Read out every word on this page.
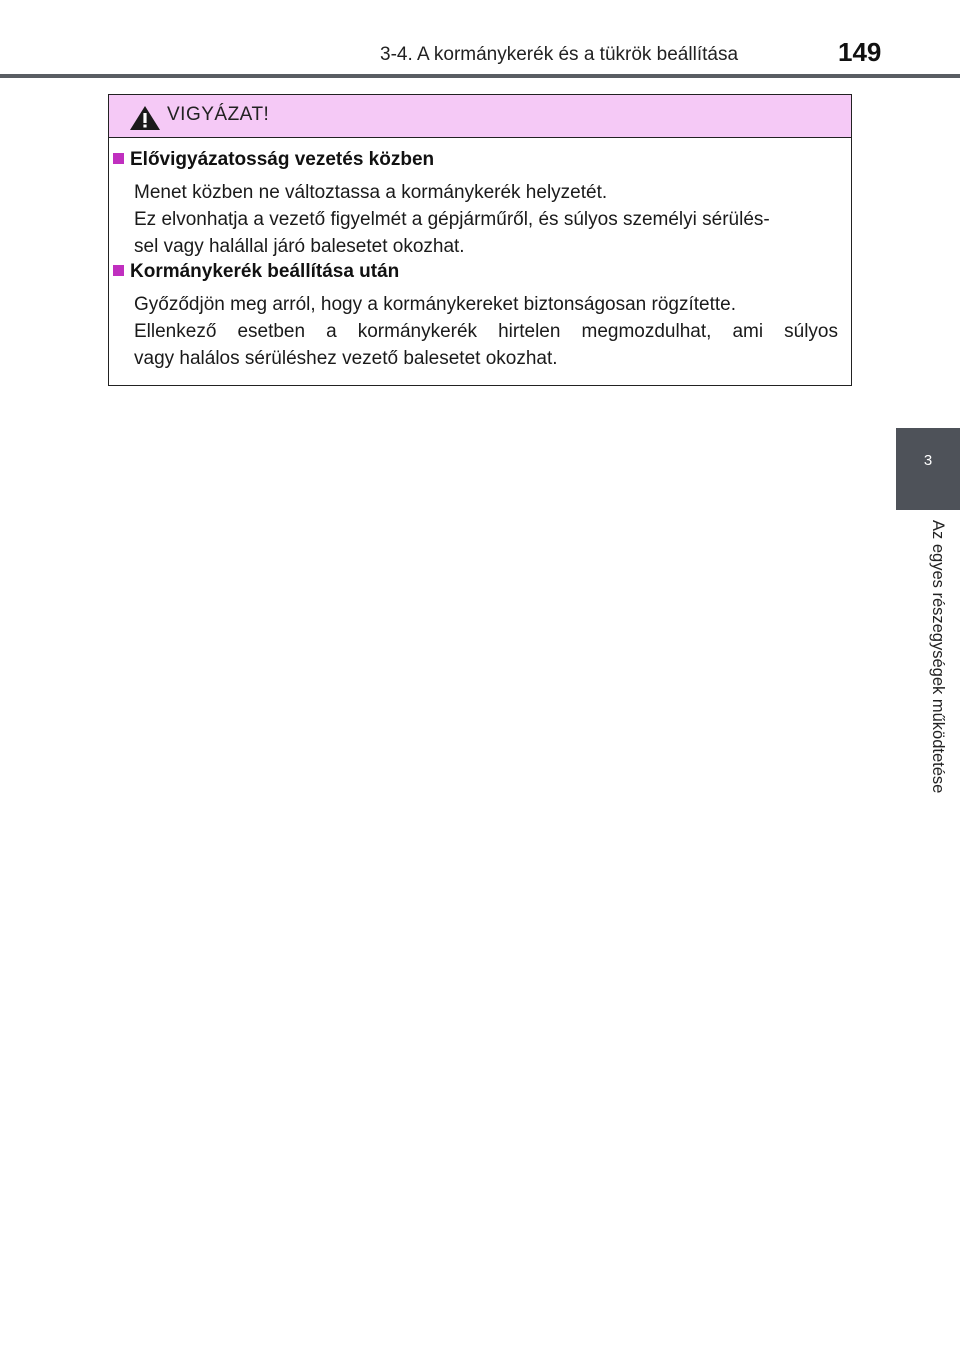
3-4. A kormánykerék és a tükrök beállítása	149
3
Az egyes részegységek működtetése
VIGYÁZAT!
Elővigyázatosság vezetés közben
Menet közben ne változtassa a kormánykerék helyzetét.
Ez elvonhatja a vezető figyelmét a gépjárműről, és súlyos személyi sérülés-
sel vagy halállal járó balesetet okozhat.
Kormánykerék beállítása után
Győződjön meg arról, hogy a kormánykereket biztonságosan rögzítette.
Ellenkező esetben a kormánykerék hirtelen megmozdulhat, ami súlyos
vagy halálos sérüléshez vezető balesetet okozhat.
